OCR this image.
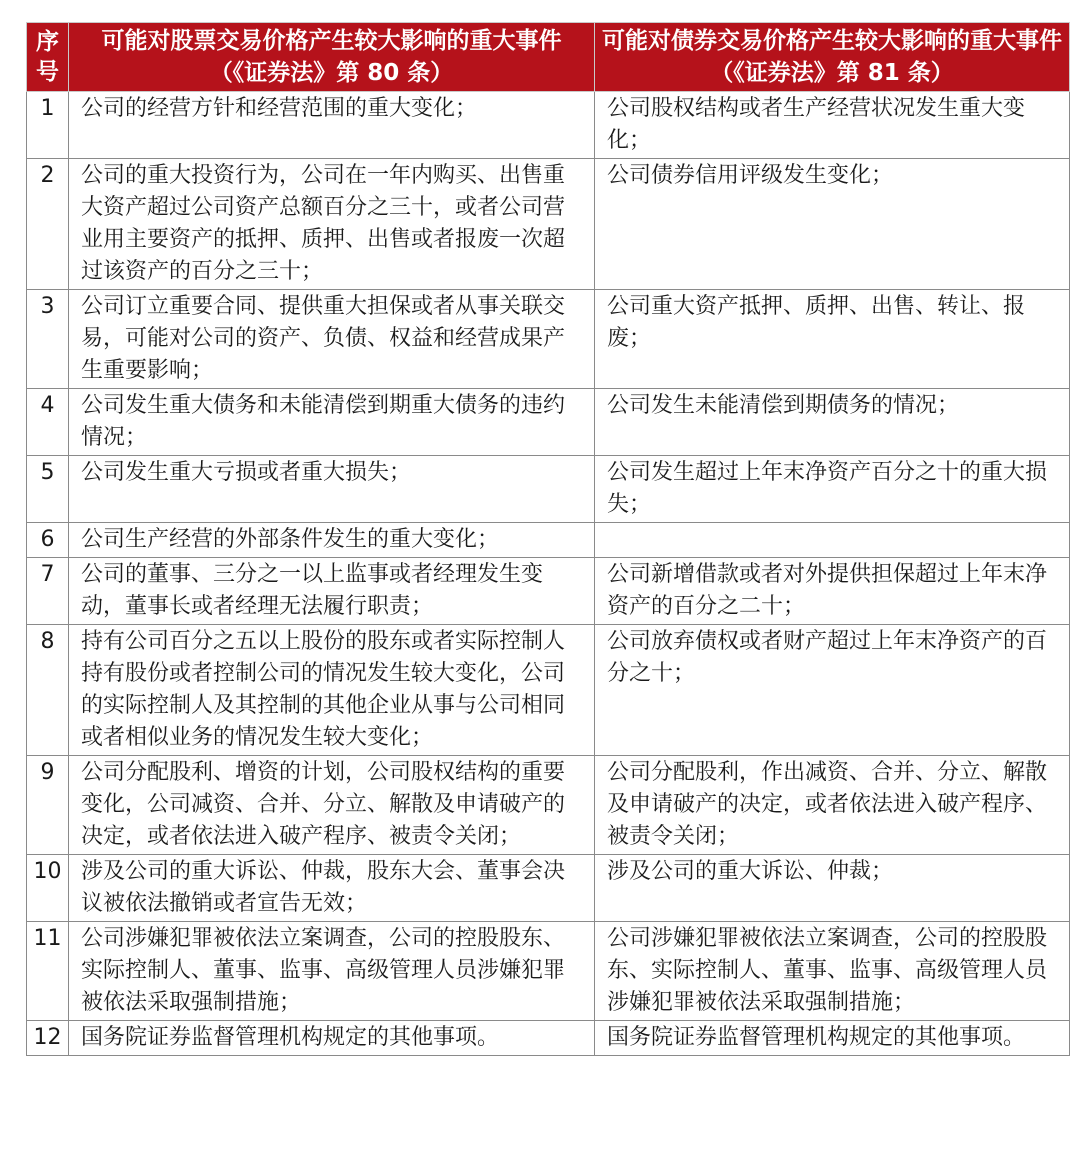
序号	可能对股票交易价格产生较大影响的重大事件（《证券法》第 80 条）	可能对债券交易价格产生较大影响的重大事件（《证券法》第 81 条）
1	公司的经营方针和经营范围的重大变化；	公司股权结构或者生产经营状况发生重大变化；
2	公司的重大投资行为，公司在一年内购买、出售重大资产超过公司资产总额百分之三十，或者公司营业用主要资产的抵押、质押、出售或者报废一次超过该资产的百分之三十；	公司债券信用评级发生变化；
3	公司订立重要合同、提供重大担保或者从事关联交易，可能对公司的资产、负债、权益和经营成果产生重要影响；	公司重大资产抵押、质押、出售、转让、报废；
4	公司发生重大债务和未能清偿到期重大债务的违约情况；	公司发生未能清偿到期债务的情况；
5	公司发生重大亏损或者重大损失；	公司发生超过上年末净资产百分之十的重大损失；
6	公司生产经营的外部条件发生的重大变化；	
7	公司的董事、三分之一以上监事或者经理发生变动，董事长或者经理无法履行职责；	公司新增借款或者对外提供担保超过上年末净资产的百分之二十；
8	持有公司百分之五以上股份的股东或者实际控制人持有股份或者控制公司的情况发生较大变化，公司的实际控制人及其控制的其他企业从事与公司相同或者相似业务的情况发生较大变化；	公司放弃债权或者财产超过上年末净资产的百分之十；
9	公司分配股利、增资的计划，公司股权结构的重要变化，公司减资、合并、分立、解散及申请破产的决定，或者依法进入破产程序、被责令关闭；	公司分配股利，作出减资、合并、分立、解散及申请破产的决定，或者依法进入破产程序、被责令关闭；
10	涉及公司的重大诉讼、仲裁，股东大会、董事会决议被依法撤销或者宣告无效；	涉及公司的重大诉讼、仲裁；
11	公司涉嫌犯罪被依法立案调查，公司的控股股东、实际控制人、董事、监事、高级管理人员涉嫌犯罪被依法采取强制措施；	公司涉嫌犯罪被依法立案调查，公司的控股股东、实际控制人、董事、监事、高级管理人员涉嫌犯罪被依法采取强制措施；
12	国务院证券监督管理机构规定的其他事项。	国务院证券监督管理机构规定的其他事项。
